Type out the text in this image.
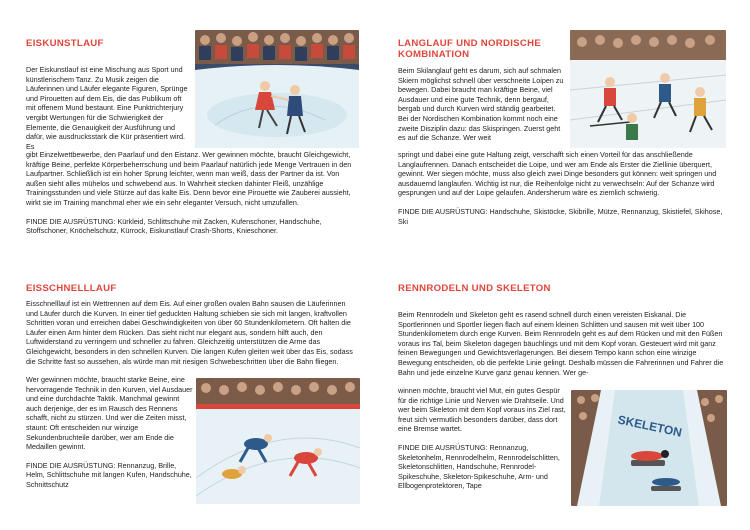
EISKUNSTLAUF

Der Eiskunstlauf ist eine Mischung aus Sport und künstlerischem Tanz. Zu Musik zeigen die Läuferinnen und Läufer elegante Figuren, Sprünge und Pirouetten auf dem Eis, die das Publikum oft mit offenem Mund bestaunt. Eine Punktrichterjury vergibt Wertungen für die Schwierigkeit der Elemente, die Genauigkeit der Ausführung und dafür, wie ausdrucksstark die Kür präsentiert wird. Es

gibt Einzelwettbewerbe, den Paarlauf und den Eistanz. Wer gewinnen möchte, braucht Gleichgewicht, kräftige Beine, perfekte Körperbeherrschung und beim Paarlauf natürlich jede Menge Vertrauen in den Laufpartner. Schließlich ist ein hoher Sprung leichter, wenn man weiß, dass der Partner da ist. Von außen sieht alles mühelos und schwebend aus. In Wahrheit stecken dahinter Fleiß, unzählige Trainingsstunden und viele Stürze auf das kalte Eis. Denn bevor eine Pirouette wie Zauberei aussieht, wirkt sie im Training manchmal eher wie ein sehr eleganter Versuch, nicht umzufallen.

FINDE DIE AUSRÜSTUNG: Kürkleid, Schlittschuhe mit Zacken, Kufenschoner, Handschuhe, Stoffschoner, Knöchelschutz, Kürrock, Eiskunstlauf Crash-Shorts, Knieschoner.

LANGLAUF UND NORDISCHE KOMBINATION

Beim Skilanglauf geht es darum, sich auf schmalen Skiern möglichst schnell über verschneite Loipen zu bewegen. Dabei braucht man kräftige Beine, viel Ausdauer und eine gute Technik, denn bergauf, bergab und durch Kurven wird ständig gearbeitet. Bei der Nordischen Kombination kommt noch eine zweite Disziplin dazu: das Skispringen. Zuerst geht es auf die Schanze. Wer weit

springt und dabei eine gute Haltung zeigt, verschafft sich einen Vorteil für das anschließende Langlaufrennen. Danach entscheidet die Loipe, und wer am Ende als Erster die Ziellinie überquert, gewinnt. Wer siegen möchte, muss also gleich zwei Dinge besonders gut können: weit springen und ausdauernd langlaufen. Wichtig ist nur, die Reihenfolge nicht zu verwechseln: Auf der Schanze wird gesprungen und auf der Loipe gelaufen. Andersherum wäre es ziemlich schwierig.

FINDE DIE AUSRÜSTUNG: Handschuhe, Skistöcke, Skibrille, Mütze, Rennanzug, Skistiefel, Skihose, Ski

EISSCHNELLLAUF

Eisschnelllauf ist ein Wettrennen auf dem Eis. Auf einer großen ovalen Bahn sausen die Läuferinnen und Läufer durch die Kurven. In einer tief geduckten Haltung schieben sie sich mit langen, kraftvollen Schritten voran und erreichen dabei Geschwindigkeiten von über 60 Stundenkilometern. Oft halten die Läufer einen Arm hinter dem Rücken. Das sieht nicht nur elegant aus, sondern hilft auch, den Luftwiderstand zu verringern und schneller zu fahren. Gleichzeitig unterstützen die Arme das Gleichgewicht, besonders in den schnellen Kurven. Die langen Kufen gleiten weit über das Eis, sodass die Schritte fast so aussehen, als würde man mit riesigen Schwebeschritten über die Bahn fliegen.

Wer gewinnen möchte, braucht starke Beine, eine hervorragende Technik in den Kurven, viel Ausdauer und eine durchdachte Taktik. Manchmal gewinnt auch derjenige, der es im Rausch des Rennens schafft, nicht zu stürzen. Und wer die Zeiten misst, staunt: Oft entscheiden nur winzige Sekundenbruchteile darüber, wer am Ende die Medaillen gewinnt.

FINDE DIE AUSRÜSTUNG: Rennanzug, Brille, Helm, Schlittschuhe mit langen Kufen, Handschuhe, Schnittschutz

RENNRODELN UND SKELETON

Beim Rennrodeln und Skeleton geht es rasend schnell durch einen vereisten Eiskanal. Die Sportlerinnen und Sportler liegen flach auf einem kleinen Schlitten und sausen mit weit über 100 Stundenkilometern durch enge Kurven. Beim Rennrodeln geht es auf dem Rücken und mit den Füßen voraus ins Tal, beim Skeleton dagegen bäuchlings und mit dem Kopf voran. Gesteuert wird mit ganz feinen Bewegungen und Gewichtsverlagerungen. Bei diesem Tempo kann schon eine winzige Bewegung entscheiden, ob die perfekte Linie gelingt. Deshalb müssen die Fahrerinnen und Fahrer die Bahn und jede einzelne Kurve ganz genau kennen. Wer ge-

winnen möchte, braucht viel Mut, ein gutes Gespür für die richtige Linie und Nerven wie Drahtseile. Und wer beim Skeleton mit dem Kopf voraus ins Ziel rast, freut sich vermutlich besonders darüber, dass dort eine Bremse wartet.

FINDE DIE AUSRÜSTUNG: Rennanzug, Skeletonhelm, Rennrodelhelm, Rennrodelschlitten, Skeletonschlitten, Handschuhe, Rennrodel-Spikeschuhe, Skeleton-Spikeschuhe, Arm- und Ellbogenprotektoren, Tape

SKELETON
